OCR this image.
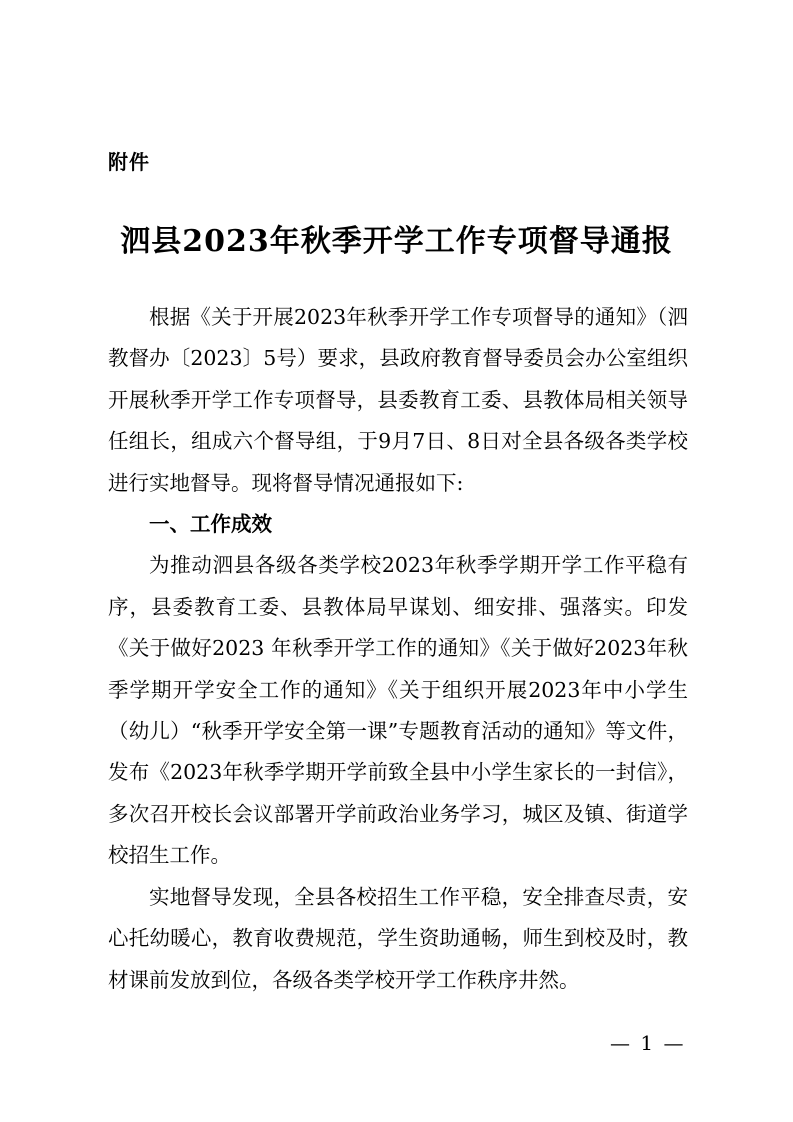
附件
泗县2023年秋季开学工作专项督导通报

根据《关于开展2023年秋季开学工作专项督导的通知》（泗教督办〔2023〕5号）要求，县政府教育督导委员会办公室组织开展秋季开学工作专项督导，县委教育工委、县教体局相关领导任组长，组成六个督导组，于9月7日、8日对全县各级各类学校进行实地督导。现将督导情况通报如下:

一、工作成效

为推动泗县各级各类学校2023年秋季学期开学工作平稳有序，县委教育工委、县教体局早谋划、细安排、强落实。印发《关于做好2023 年秋季开学工作的通知》《关于做好2023年秋季学期开学安全工作的通知》《关于组织开展2023年中小学生（幼儿）“秋季开学安全第一课”专题教育活动的通知》等文件，发布《2023年秋季学期开学前致全县中小学生家长的一封信》，多次召开校长会议部署开学前政治业务学习，城区及镇、街道学校招生工作。

实地督导发现，全县各校招生工作平稳，安全排查尽责，安心托幼暖心，教育收费规范，学生资助通畅，师生到校及时，教材课前发放到位，各级各类学校开学工作秩序井然。

— 1 —
